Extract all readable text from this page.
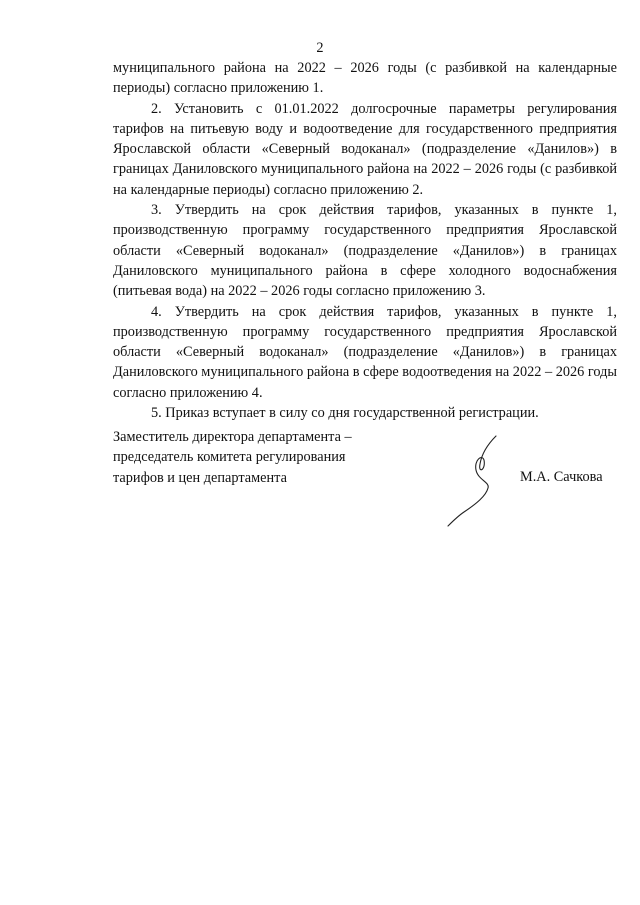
2

муниципального района на 2022 – 2026 годы (с разбивкой на календарные периоды) согласно приложению 1.

2. Установить с 01.01.2022 долгосрочные параметры регулирования тарифов на питьевую воду и водоотведение для государственного предприятия Ярославской области «Северный водоканал» (подразделение «Данилов») в границах Даниловского муниципального района на 2022 – 2026 годы (с разбивкой на календарные периоды) согласно приложению 2.

3. Утвердить на срок действия тарифов, указанных в пункте 1, производственную программу государственного предприятия Ярославской области «Северный водоканал» (подразделение «Данилов») в границах Даниловского муниципального района в сфере холодного водоснабжения (питьевая вода) на 2022 – 2026 годы согласно приложению 3.

4. Утвердить на срок действия тарифов, указанных в пункте 1, производственную программу государственного предприятия Ярославской области «Северный водоканал» (подразделение «Данилов») в границах Даниловского муниципального района в сфере водоотведения на 2022 – 2026 годы согласно приложению 4.

5. Приказ вступает в силу со дня государственной регистрации.

Заместитель директора департамента –
председатель комитета регулирования
тарифов и цен департамента	М.А. Сачкова
